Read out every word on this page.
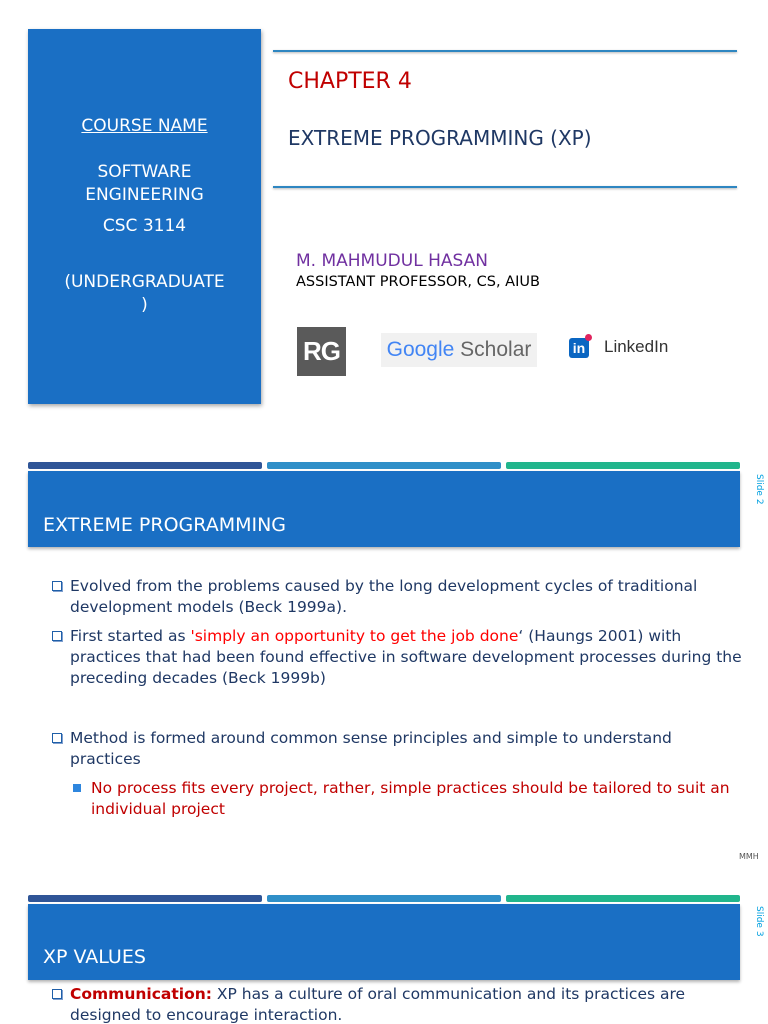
COURSE NAME
SOFTWARE
ENGINEERING
CSC 3114
(UNDERGRADUATE
)
CHAPTER 4
EXTREME PROGRAMMING (XP)
M. MAHMUDUL HASAN
ASSISTANT PROFESSOR, CS, AIUB
RG Google Scholar	in LinkedIn
EXTREME PROGRAMMING
Slide 2
Evolved from the problems caused by the long development cycles of traditional development models (Beck 1999a).
First started as 'simply an opportunity to get the job done‘ (Haungs 2001) with practices that had been found effective in software development processes during the preceding decades (Beck 1999b)
Method is formed around common sense principles and simple to understand practices
No process fits every project, rather, simple practices should be tailored to suit an individual project
MMH
XP VALUES
Slide 3
Communication: XP has a culture of oral communication and its practices are designed to encourage interaction.
